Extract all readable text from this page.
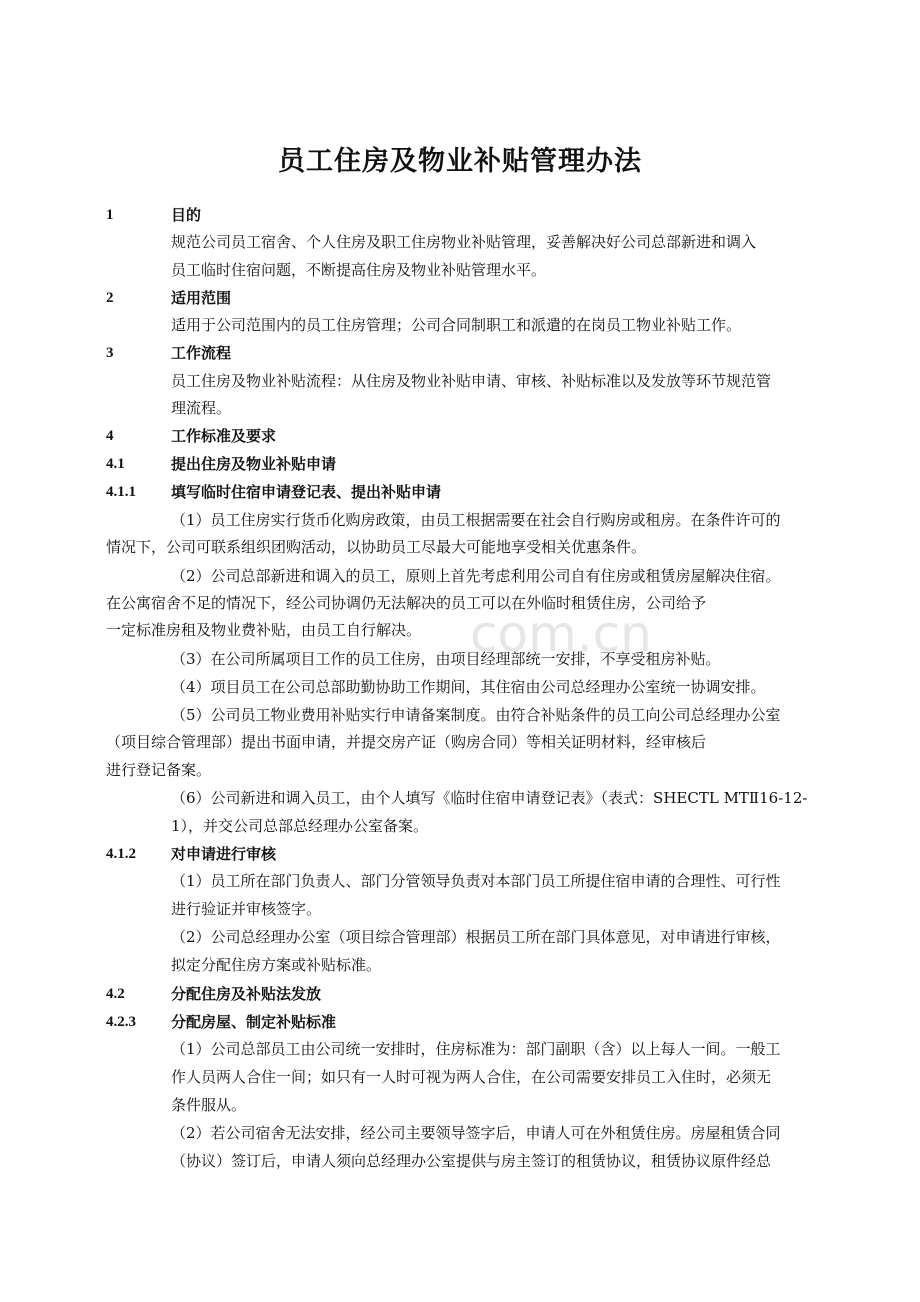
员工住房及物业补贴管理办法
com.cn
1	目的
2	适用范围
3	工作流程
4	工作标准及要求
4.1	提出住房及物业补贴申请
4.1.1 填写临时住宿申请登记表、提出补贴申请
4.1.2 对申请进行审核
4.2	分配住房及补贴法发放
4.2.3 分配房屋、制定补贴标准
规范公司员工宿舍、个人住房及职工住房物业补贴管理，妥善解决好公司总部新进和调入
员工临时住宿问题，不断提高住房及物业补贴管理水平。
适用于公司范围内的员工住房管理；公司合同制职工和派遣的在岗员工物业补贴工作。
员工住房及物业补贴流程：从住房及物业补贴申请、审核、补贴标准以及发放等环节规范管
理流程。
（1）员工住房实行货币化购房政策，由员工根据需要在社会自行购房或租房。在条件许可的
情况下，公司可联系组织团购活动，以协助员工尽最大可能地享受相关优惠条件。
（2）公司总部新进和调入的员工，原则上首先考虑利用公司自有住房或租赁房屋解决住宿。
在公寓宿舍不足的情况下，经公司协调仍无法解决的员工可以在外临时租赁住房，公司给予
一定标准房租及物业费补贴，由员工自行解决。
（3）在公司所属项目工作的员工住房，由项目经理部统一安排，不享受租房补贴。
（4）项目员工在公司总部助勤协助工作期间，其住宿由公司总经理办公室统一协调安排。
（5）公司员工物业费用补贴实行申请备案制度。由符合补贴条件的员工向公司总经理办公室
（项目综合管理部）提出书面申请，并提交房产证（购房合同）等相关证明材料，经审核后
进行登记备案。
（6）公司新进和调入员工，由个人填写《临时住宿申请登记表》（表式：SHECTL MTⅡ16-12-
1），并交公司总部总经理办公室备案。
（1）员工所在部门负责人、部门分管领导负责对本部门员工所提住宿申请的合理性、可行性
进行验证并审核签字。
（2）公司总经理办公室（项目综合管理部）根据员工所在部门具体意见，对申请进行审核，
拟定分配住房方案或补贴标准。
（1）公司总部员工由公司统一安排时，住房标准为：部门副职（含）以上每人一间。一般工
作人员两人合住一间；如只有一人时可视为两人合住，在公司需要安排员工入住时，必须无
条件服从。
（2）若公司宿舍无法安排，经公司主要领导签字后，申请人可在外租赁住房。房屋租赁合同
（协议）签订后，申请人须向总经理办公室提供与房主签订的租赁协议，租赁协议原件经总
